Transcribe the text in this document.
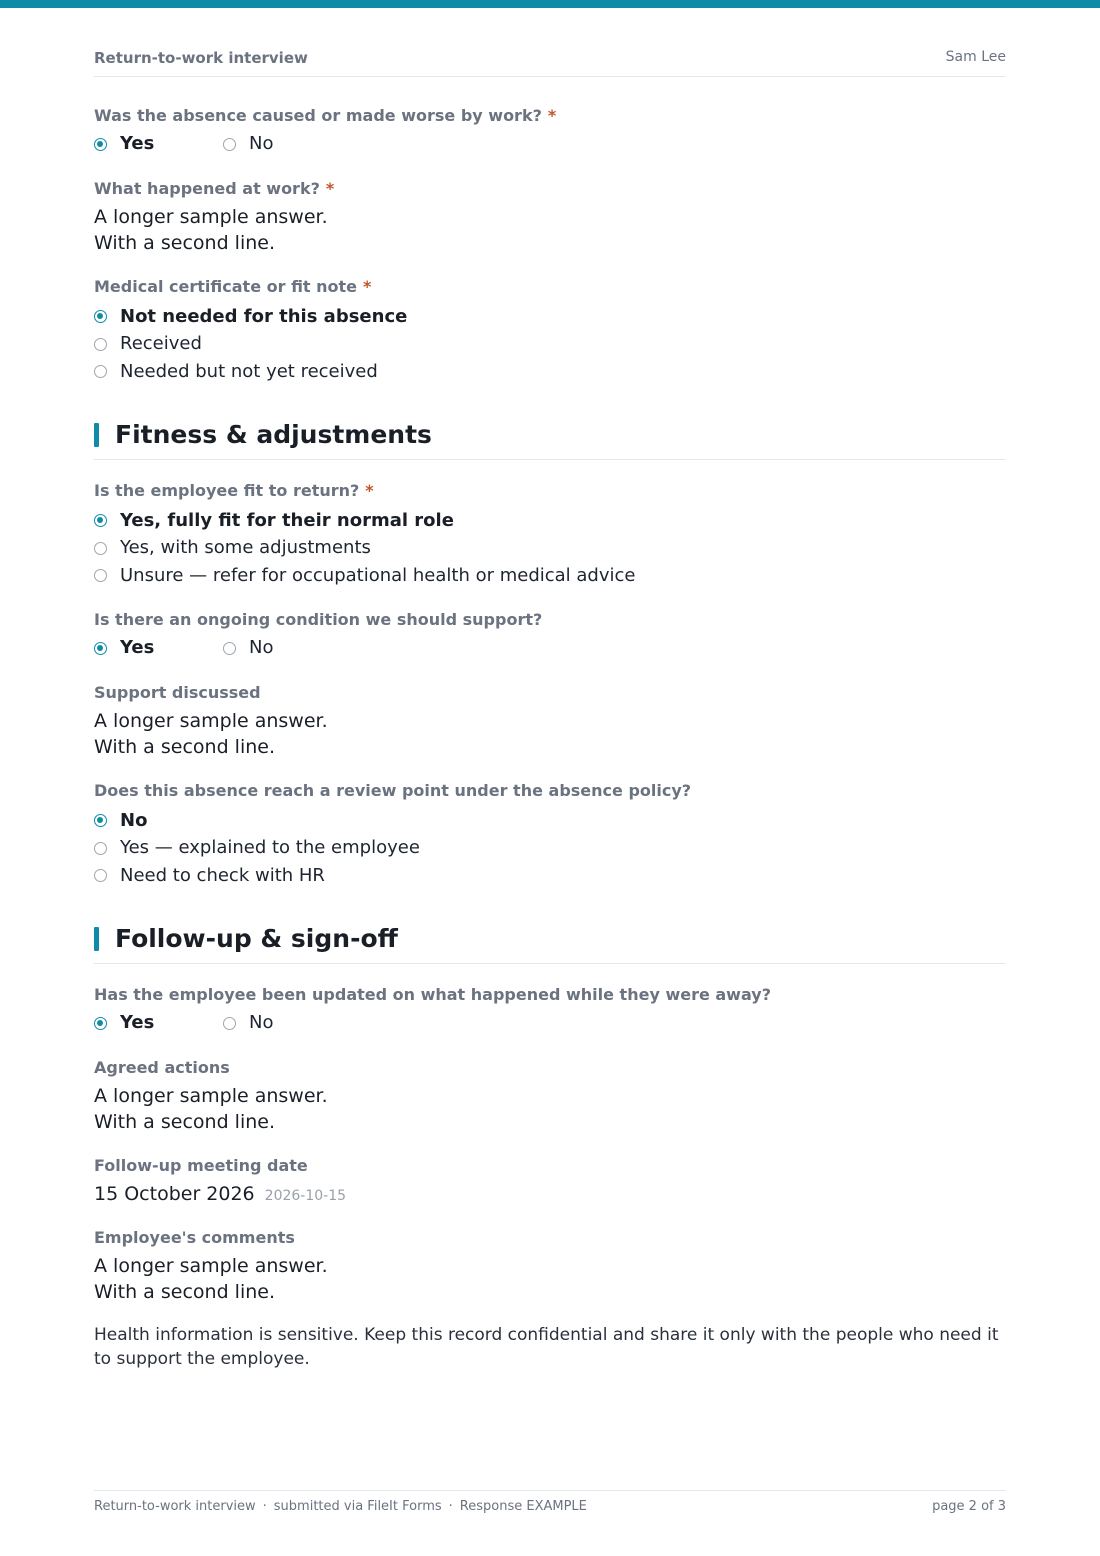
Return-to-work interview	Sam Lee
Was the absence caused or made worse by work? *
Yes	No
What happened at work? *
A longer sample answer.
With a second line.
Medical certificate or fit note *
Not needed for this absence
Received
Needed but not yet received
Fitness & adjustments
Is the employee fit to return? *
Yes, fully fit for their normal role
Yes, with some adjustments
Unsure — refer for occupational health or medical advice
Is there an ongoing condition we should support?
Yes	No
Support discussed
A longer sample answer.
With a second line.
Does this absence reach a review point under the absence policy?
No
Yes — explained to the employee
Need to check with HR
Follow-up & sign-off
Has the employee been updated on what happened while they were away?
Yes	No
Agreed actions
A longer sample answer.
With a second line.
Follow-up meeting date
15 October 2026 2026-10-15
Employee's comments
A longer sample answer.
With a second line.
Health information is sensitive. Keep this record confidential and share it only with the people who need it to support the employee.
Return-to-work interview · submitted via FileIt Forms · Response EXAMPLE	page 2 of 3
